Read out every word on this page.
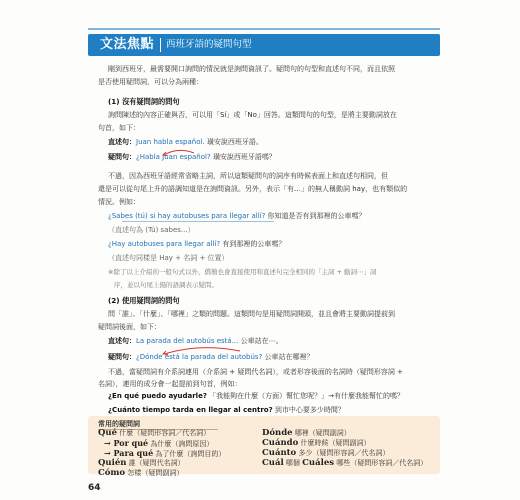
文法焦點 西班牙語的疑問句型
剛到西班牙，最需要開口詢問的情況就是詢問資訊了。疑問句的句型和直述句不同，而且依照
是否使用疑問詞，可以分為兩種：
(1) 沒有疑問詞的問句
詢問陳述的內容正確與否，可以用「Sí」或「No」回答。這類問句的句型，是將主要動詞放在
句首，如下：
直述句：Juan habla español. 璜安說西班牙語。
疑問句：¿Habla Juan español? 璜安說西班牙語嗎？
不過，因為西班牙語經常省略主詞，所以這類疑問句的詞序有時候表面上和直述句相同，但
還是可以從句尾上升的語調知道是在詢問資訊。另外，表示「有…」的無人稱動詞 hay，也有類似的
情況。例如：
¿Sabes (tú) si hay autobuses para llegar allí? 你知道是否有到那裡的公車嗎？
（直述句為 (Tú) sabes...）
¿Hay autobuses para llegar allí? 有到那裡的公車嗎？
（直述句同樣是 Hay + 名詞 + 位置）
※除了以上介紹的一般句式以外，僑簡也會直接使用和直述句完全相同的「主詞 + 動詞⋯」詞
序，並以句尾上揚的語調表示疑問。
(2) 使用疑問詞的問句
問「誰」、「什麼」、「哪裡」之類的問題。這類問句是用疑問詞開頭，並且會將主要動詞提前到
疑問詞後面，如下：
直述句：La parada del autobús está... 公車站在⋯。
疑問句：¿Dónde está la parada del autobús? 公車站在哪裡？
不過，當疑問詞有介系詞連用（介系詞 + 疑問代名詞），或者形容後面的名詞時（疑問形容詞 +
名詞），連用的成分會一起提前到句首，例如：
常用的疑問詞
Qué 什麼（疑問形容詞／代名詞）
→ Por qué 為什麼（詢問原因）
→ Para qué 為了什麼（詢問目的）
Quién 誰（疑問代名詞）
Cómo 怎樣（疑問副詞）
Dónde 哪裡（疑問副詞）
Cuándo 什麼時候（疑問副詞）
Cuánto 多少（疑問形容詞／代名詞）
Cuál 哪個 Cuáles 哪些（疑問形容詞／代名詞）
64
¿En qué puedo ayudarle? 「我能夠在什麼（方面）幫忙您呢？」→有什麼我能幫忙的嗎？
¿Cuánto tiempo tarda en llegar al centro? 到市中心要多少時間？
